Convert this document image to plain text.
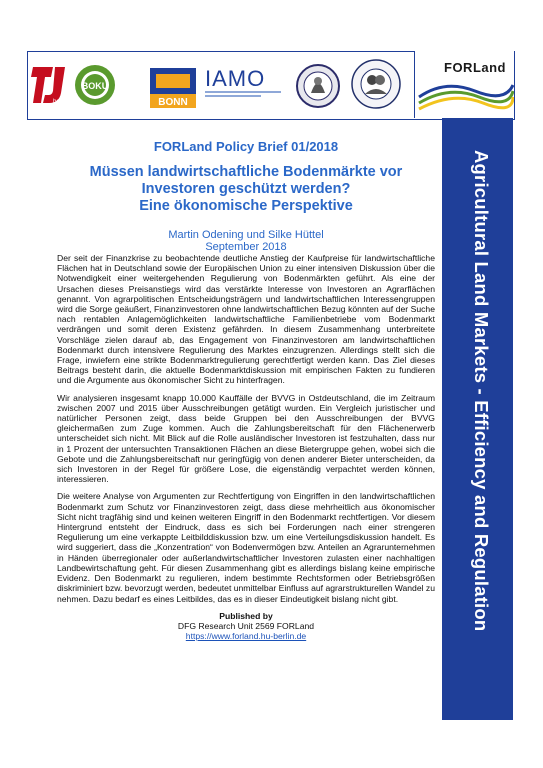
berlin
BOKU
BONN
IAMO	FORLand
Agricultural Land Markets - Efficiency and Regulation
FORLand Policy Brief 01/2018
Müssen landwirtschaftliche Bodenmärkte vor
Investoren geschützt werden?
Eine ökonomische Perspektive
Martin Odening und Silke Hüttel
September 2018

Der seit der Finanzkrise zu beobachtende deutliche Anstieg der Kaufpreise für landwirtschaftliche Flächen hat in Deutschland sowie der Europäischen Union zu einer intensiven Diskussion über die Notwendigkeit einer weitergehenden Regulierung von Bodenmärkten geführt. Als eine der Ursachen dieses Preisanstiegs wird das verstärkte Interesse von Investoren an Agrarflächen genannt. Von agrarpolitischen Entscheidungsträgern und landwirtschaftlichen Interessengruppen wird die Sorge geäußert, Finanzinvestoren ohne landwirtschaftlichen Bezug könnten auf der Suche nach rentablen Anlagemöglichkeiten landwirtschaftliche Familienbetriebe vom Bodenmarkt verdrängen und somit deren Existenz gefährden. In diesem Zusammenhang unterbreitete Vorschläge zielen darauf ab, das Engagement von Finanzinvestoren am landwirtschaftlichen Bodenmarkt durch intensivere Regulierung des Marktes einzugrenzen. Allerdings stellt sich die Frage, inwiefern eine strikte Bodenmarktregulierung gerechtfertigt werden kann. Das Ziel dieses Beitrags besteht darin, die aktuelle Bodenmarktdiskussion mit empirischen Fakten zu fundieren und die Argumente aus ökonomischer Sicht zu hinterfragen.

Wir analysieren insgesamt knapp 10.000 Kauffälle der BVVG in Ostdeutschland, die im Zeitraum zwischen 2007 und 2015 über Ausschreibungen getätigt wurden. Ein Vergleich juristischer und natürlicher Personen zeigt, dass beide Gruppen bei den Ausschreibungen der BVVG gleichermaßen zum Zuge kommen. Auch die Zahlungsbereitschaft für den Flächenerwerb unterscheidet sich nicht. Mit Blick auf die Rolle ausländischer Investoren ist festzuhalten, dass nur in 1 Prozent der untersuchten Transaktionen Flächen an diese Bietergruppe gehen, wobei sich die Gebote und die Zahlungsbereitschaft nur geringfügig von denen anderer Bieter unterscheiden, da sich Investoren in der Regel für größere Lose, die eigenständig verpachtet werden können, interessieren.

Die weitere Analyse von Argumenten zur Rechtfertigung von Eingriffen in den landwirtschaftlichen Bodenmarkt zum Schutz vor Finanzinvestoren zeigt, dass diese mehrheitlich aus ökonomischer Sicht nicht tragfähig sind und keinen weiteren Eingriff in den Bodenmarkt rechtfertigen. Vor diesem Hintergrund entsteht der Eindruck, dass es sich bei Forderungen nach einer strengeren Regulierung um eine verkappte Leitbilddiskussion bzw. um eine Verteilungsdiskussion handelt. Es wird suggeriert, dass die „Konzentration“ von Bodenvermögen bzw. Anteilen an Agrarunternehmen in Händen überregionaler oder außerlandwirtschaftlicher Investoren zulasten einer nachhaltigen Landbewirtschaftung geht. Für diesen Zusammenhang gibt es allerdings bislang keine empirische Evidenz. Den Bodenmarkt zu regulieren, indem bestimmte Rechtsformen oder Betriebsgrößen diskriminiert bzw. bevorzugt werden, bedeutet unmittelbar Einfluss auf agrarstrukturellen Wandel zu nehmen. Dazu bedarf es eines Leitbildes, das es in dieser Eindeutigkeit bislang nicht gibt.

Published by
DFG Research Unit 2569 FORLand
https://www.forland.hu-berlin.de
